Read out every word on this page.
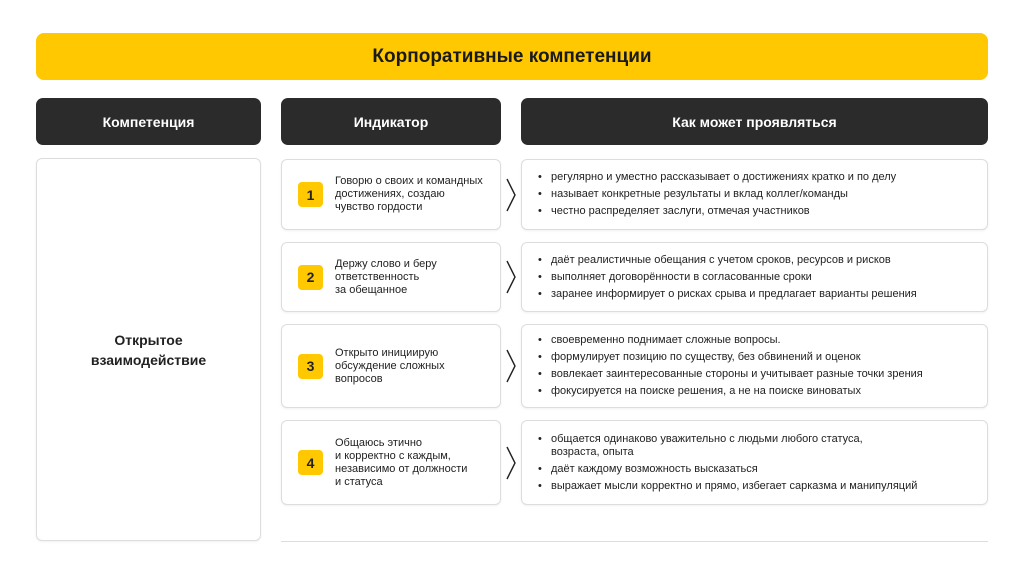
Корпоративные компетенции
Компетенция	Индикатор	Как может проявляться
Открытое взаимодействие
1
Говорю о своих и командных
достижениях, создаю
чувство гордости
• регулярно и уместно рассказывает о достижениях кратко и по делу
• называет конкретные результаты и вклад коллег/команды
• честно распределяет заслуги, отмечая участников
2
Держу слово и беру
ответственность
за обещанное
• даёт реалистичные обещания с учетом сроков, ресурсов и рисков
• выполняет договорённости в согласованные сроки
• заранее информирует о рисках срыва и предлагает варианты решения
3
Открыто инициирую
обсуждение сложных
вопросов
• своевременно поднимает сложные вопросы.
• формулирует позицию по существу, без обвинений и оценок
• вовлекает заинтересованные стороны и учитывает разные точки зрения
• фокусируется на поиске решения, а не на поиске виноватых
4
Общаюсь этично
и корректно с каждым,
независимо от должности
и статуса
• общается одинаково уважительно с людьми любого статуса,
возраста, опыта
• даёт каждому возможность высказаться
• выражает мысли корректно и прямо, избегает сарказма и манипуляций
